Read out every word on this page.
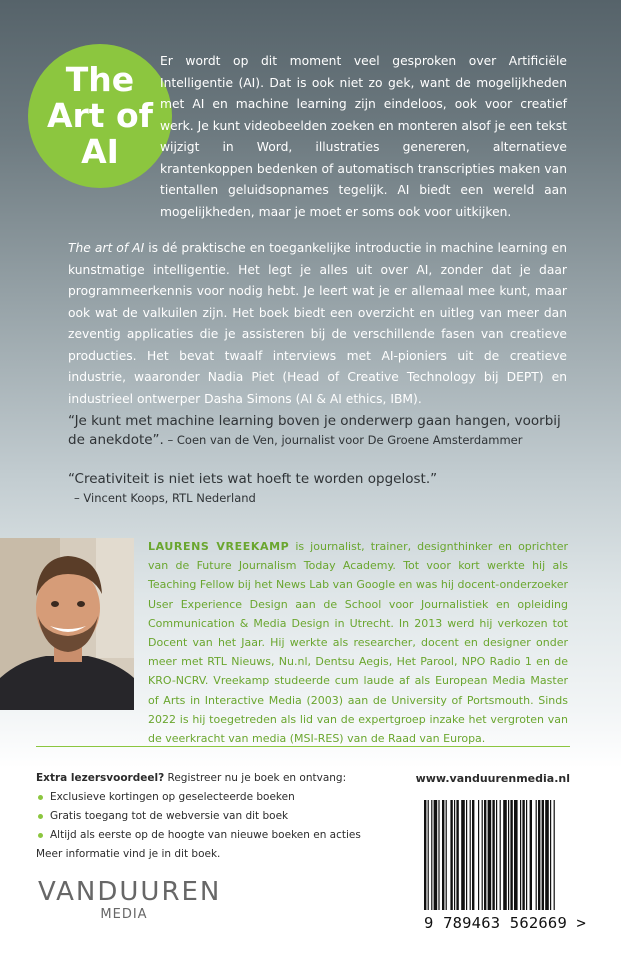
The
Art of
AI

Er wordt op dit moment veel gesproken over Artificiële Intelligentie (AI). Dat is ook niet zo gek, want de mogelijkheden met AI en machine learning zijn eindeloos, ook voor creatief werk. Je kunt videobeelden zoeken en monteren alsof je een tekst wijzigt in Word, illustraties genereren, alternatieve krantenkoppen bedenken of automatisch transcripties maken van tientallen geluidsopnames tegelijk. AI biedt een wereld aan mogelijkheden, maar je moet er soms ook voor uitkijken.

The art of AI is dé praktische en toegankelijke introductie in machine learning en kunstmatige intelligentie. Het legt je alles uit over AI, zonder dat je daar programmeerkennis voor nodig hebt. Je leert wat je er allemaal mee kunt, maar ook wat de valkuilen zijn. Het boek biedt een overzicht en uitleg van meer dan zeventig applicaties die je assisteren bij de verschillende fasen van creatieve producties. Het bevat twaalf interviews met AI-pioniers uit de creatieve industrie, waaronder Nadia Piet (Head of Creative Technology bij DEPT) en industrieel ontwerper Dasha Simons (AI & AI ethics, IBM).

“Je kunt met machine learning boven je onderwerp gaan hangen, voorbij de anekdote”. – Coen van de Ven, journalist voor De Groene Amsterdammer

“Creativiteit is niet iets wat hoeft te worden opgelost.”
– Vincent Koops, RTL Nederland

LAURENS VREEKAMP is journalist, trainer, designthinker en oprichter van de Future Journalism Today Academy. Tot voor kort werkte hij als Teaching Fellow bij het News Lab van Google en was hij docent-onderzoeker User Experience Design aan de School voor Journalistiek en opleiding Communication & Media Design in Utrecht. In 2013 werd hij verkozen tot Docent van het Jaar. Hij werkte als researcher, docent en designer onder meer met RTL Nieuws, Nu.nl, Dentsu Aegis, Het Parool, NPO Radio 1 en de KRO-NCRV. Vreekamp studeerde cum laude af als European Media Master of Arts in Interactive Media (2003) aan de University of Portsmouth. Sinds 2022 is hij toegetreden als lid van de expertgroep inzake het vergroten van de veerkracht van media (MSI-RES) van de Raad van Europa.

Extra lezersvoordeel? Registreer nu je boek en ontvang:
Exclusieve kortingen op geselecteerde boeken
Gratis toegang tot de webversie van dit boek
Altijd als eerste op de hoogte van nieuwe boeken en acties
Meer informatie vind je in dit boek.
VANDUUREN
MEDIA
www.vanduurenmedia.nl
9 789463 562669 >
